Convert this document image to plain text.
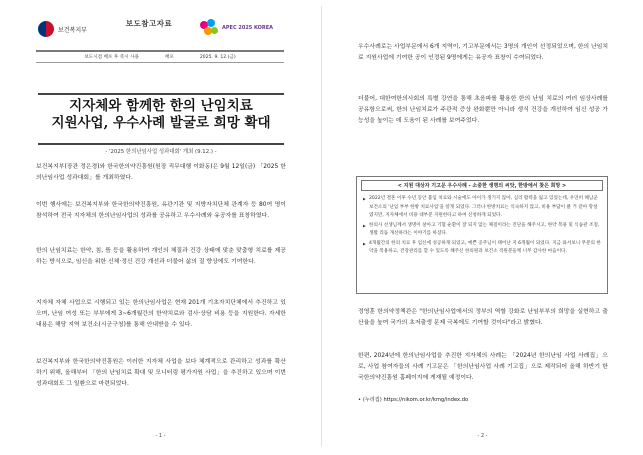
보건복지부
보도참고자료	APEC 2025 KOREA
보도시점 배포 후 즉시 사용	배포	2025. 9. 12.(금)
지자체와 함께한 한의 난임치료
지원사업, 우수사례 발굴로 희망 확대
- '2025 한의난임사업 성과대회' 개최 (9.12.) -

보건복지부(장관 정은경)와 한국한의약진흥원(원장 직무대행 이화동)은 9월 12일(금) 「2025 한의난임사업 성과대회」를 개최하였다.

이번 행사에는 보건복지부와 한국한의약진흥원, 유관기관 및 지방자치단체 관계자 등 80여 명이 참석하여 전국 지자체의 한의난임사업의 성과를 공유하고 우수사례와 유공자를 표창하였다.

한의 난임치료는 한약, 침, 뜸 등을 활용하여 개인의 체질과 건강 상태에 맞춘 맞춤형 치료를 제공하는 방식으로, 임신을 위한 신체·정신 건강 개선과 더불어 삶의 질 향상에도 기여한다.

지자체 자체 사업으로 시행되고 있는 한의난임사업은 현재 201개 기초자치단체에서 추진하고 있으며, 난임 여성 또는 부부에게 3~6개월간의 한약치료와 검사·상담 비용 등을 지원한다. 자세한 내용은 해당 지역 보건소(시군구청)를 통해 안내받을 수 있다.

보건복지부와 한국한의약진흥원은 이러한 지자체 사업을 보다 체계적으로 관리하고 성과를 확산하기 위해, 올해부터 「한의 난임치료 확대 및 모니터링 평가지원 사업」을 추진하고 있으며 이번 성과대회도 그 일환으로 마련되었다.

- 1 -

우수사례로는 사업부문에서 6개 지역이, 기고부문에서는 3명의 개인이 선정되었으며, 한의 난임치료 지원사업에 기여한 공이 인정된 9명에게는 유공자 표창이 수여되었다.

더불어, 대한여한의사회의 특별 강연을 통해 초음파를 활용한 한의 난임 치료의 여러 임상사례를 공유함으로써, 한의 난임치료가 주관적 증상 완화뿐만 아니라 생식 건강을 개선하여 임신 성공 가능성을 높이는 데 도움이 된 사례를 보여주었다.

< 지원 대상자 기고문 우수사례 - 소중한 생명의 씨앗, 한방에서 찾은 희망 >

▶ 2022년 결혼 이후 수년 동안 불임 치료와 시술에도 아이가 생기지 않아, 심리 활력을 잃고 있었는데, 우연히 해남군 보건소의 '난임 부부 한방 치료사업'을 알게 되었다. 그러나 한방치료는 익숙하지 않고, 비용 부담이 클 거 같아 망설였지만, 지자체에서 비용 대부분 지원한다고 하여 신청하게 되었다.

▶ 한의사 선생님께서 생명이 살아고 기혈 순환이 잘 되지 않는 체질이라는 진단을 해주시고, 한약 복용 및 식습관 조절, 생활 리듬 개선하라는 이야기를 하셨다.

▶ 4개월간의 한의 치료 후 임신에 성공하게 되었고, 예쁜 공주님이 태어난 지 6개월이 되었다. 지금 와서보니 무분의 한약을 복용하고, 건강관리를 할 수 있도록 해주신 한의원과 보건소 직원분들께 너무 감사한 마음이다.

정영훈 한의약정책관은 "한의난임사업에서의 정부의 역할 강화로 난임부부의 희망을 실현하고 출산율을 높여 국가의 초저출생 문제 극복에도 기여할 것이다"라고 밝혔다.

한편, 2024년에 한의난임사업을 추진한 지자체의 사례는 「2024년 한의난임 사업 사례집」으로, 사업 참여자들의 사례 기고문은 「한의난임사업 사례 기고집」으로 제작되어 올해 하반기 한국한의약진흥원 홈페이지에 게재될 예정이다.

• (누리집) https://nikom.or.kr/kmg/index.do

- 2 -
